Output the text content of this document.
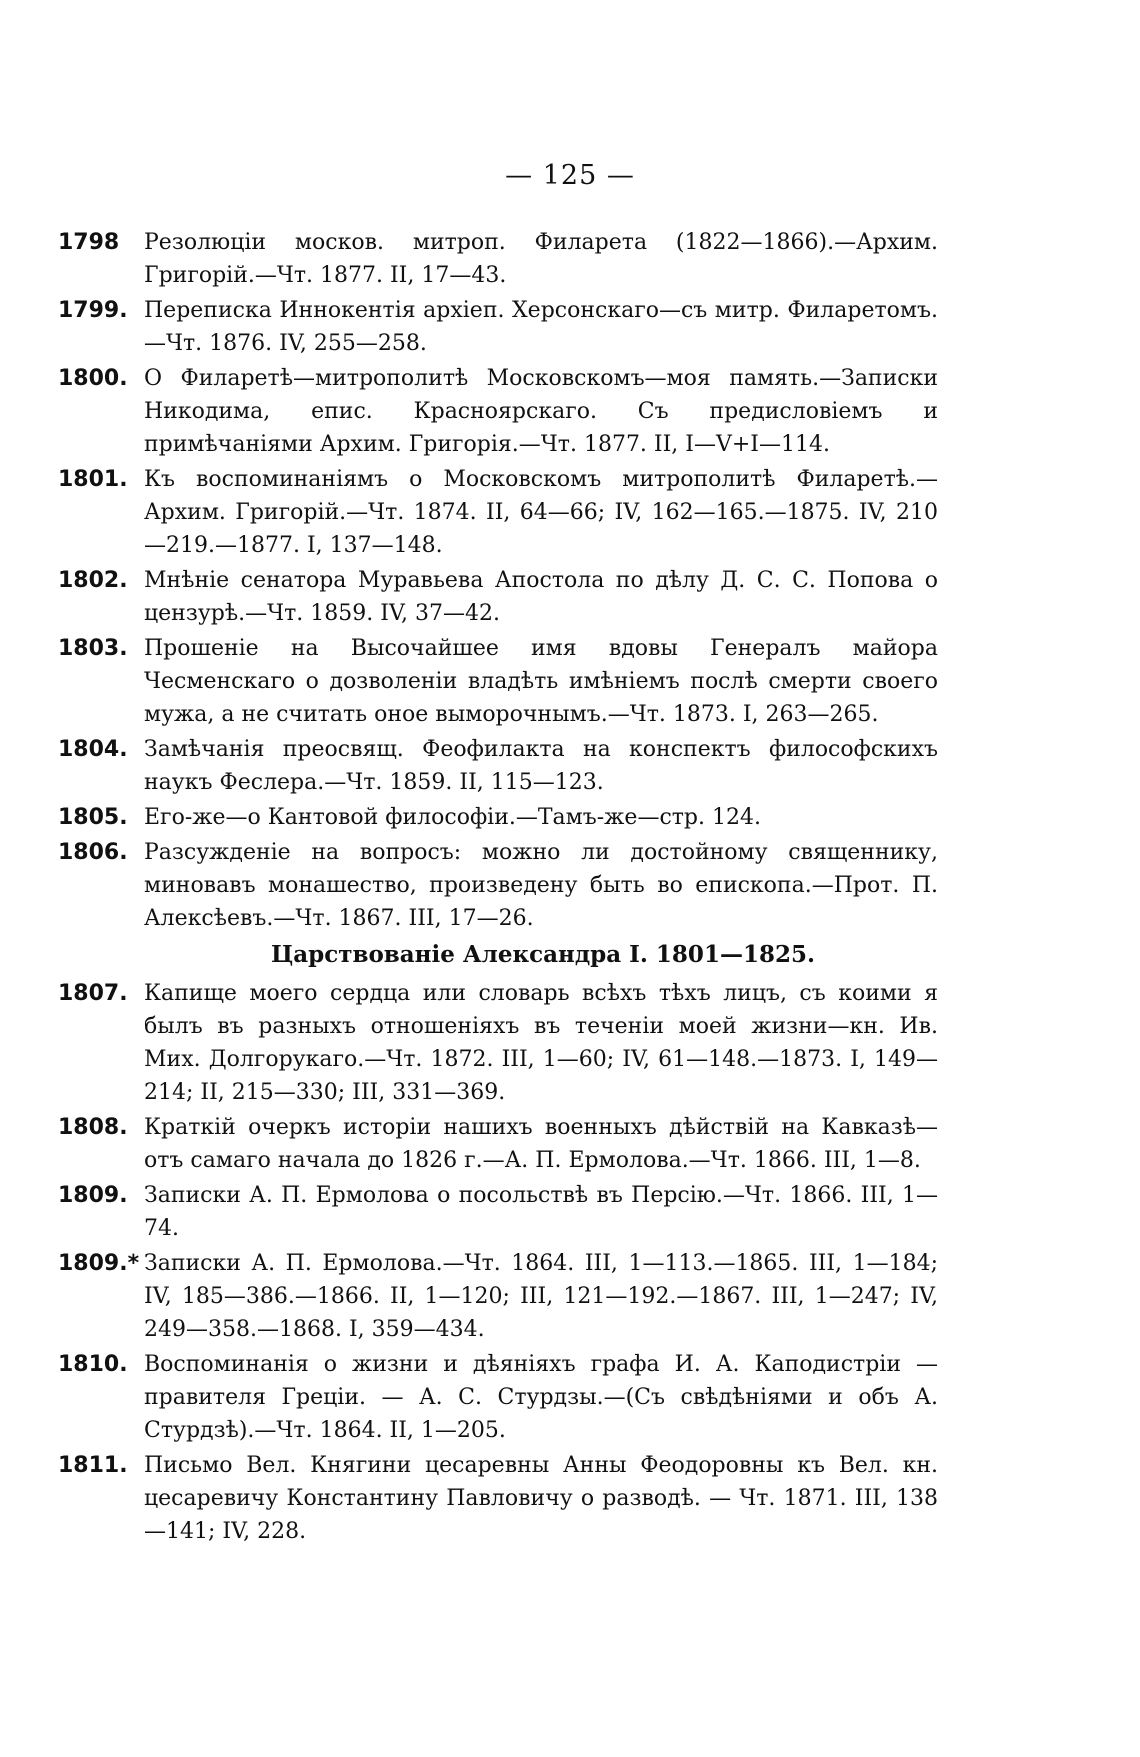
— 125 —
1798	Резолюціи москов. митроп. Филарета (1822—1866).—Архим. Григорій.—Чт. 1877. II, 17—43.
1799. Переписка Иннокентія архіеп. Херсонскаго—съ митр. Филаретомъ.—Чт. 1876. IV, 255—258.
1800. О Филаретѣ—митрополитѣ Московскомъ—моя память.—Записки Никодима, епис. Красноярскаго. Съ предисловіемъ и примѣчаніями Архим. Григорія.—Чт. 1877. II, I—V+I—114.
1801. Къ воспоминаніямъ о Московскомъ митрополитѣ Филаретѣ.—Архим. Григорій.—Чт. 1874. II, 64—66; IV, 162—165.—1875. IV, 210—219.—1877. I, 137—148.
1802. Мнѣніе сенатора Муравьева Апостола по дѣлу Д. С. С. Попова о цензурѣ.—Чт. 1859. IV, 37—42.
1803. Прошеніе на Высочайшее имя вдовы Генералъ майора Чесменскаго о дозволеніи владѣть имѣніемъ послѣ смерти своего мужа, а не считать оное выморочнымъ.—Чт. 1873. I, 263—265.
1804. Замѣчанія преосвящ. Феофилакта на конспектъ философскихъ наукъ Феслера.—Чт. 1859. II, 115—123.
1805. Его-же—о Кантовой философіи.—Тамъ-же—стр. 124.
1806. Разсужденіе на вопросъ: можно ли достойному священнику, миновавъ монашество, произведену быть во епископа.—Прот. П. Алексѣевъ.—Чт. 1867. III, 17—26.
Царствованіе Александра I. 1801—1825.
1807. Капище моего сердца или словарь всѣхъ тѣхъ лицъ, съ коими я былъ въ разныхъ отношеніяхъ въ теченіи моей жизни—кн. Ив. Мих. Долгорукаго.—Чт. 1872. III, 1—60; IV, 61—148.—1873. I, 149—214; II, 215—330; III, 331—369.
1808. Краткій очеркъ исторіи нашихъ военныхъ дѣйствій на Кавказѣ—отъ самаго начала до 1826 г.—А. П. Ермолова.—Чт. 1866. III, 1—8.
1809. Записки А. П. Ермолова о посольствѣ въ Персію.—Чт. 1866. III, 1—74.
1809.* Записки А. П. Ермолова.—Чт. 1864. III, 1—113.—1865. III, 1—184; IV, 185—386.—1866. II, 1—120; III, 121—192.—1867. III, 1—247; IV, 249—358.—1868. I, 359—434.
1810. Воспоминанія о жизни и дѣяніяхъ графа И. А. Каподистріи — правителя Греціи. — А. С. Стурдзы.—(Съ свѣдѣніями и объ А. Стурдзѣ).—Чт. 1864. II, 1—205.
1811. Письмо Вел. Княгини цесаревны Анны Феодоровны къ Вел. кн. цесаревичу Константину Павловичу о разводѣ. — Чт. 1871. III, 138—141; IV, 228.
